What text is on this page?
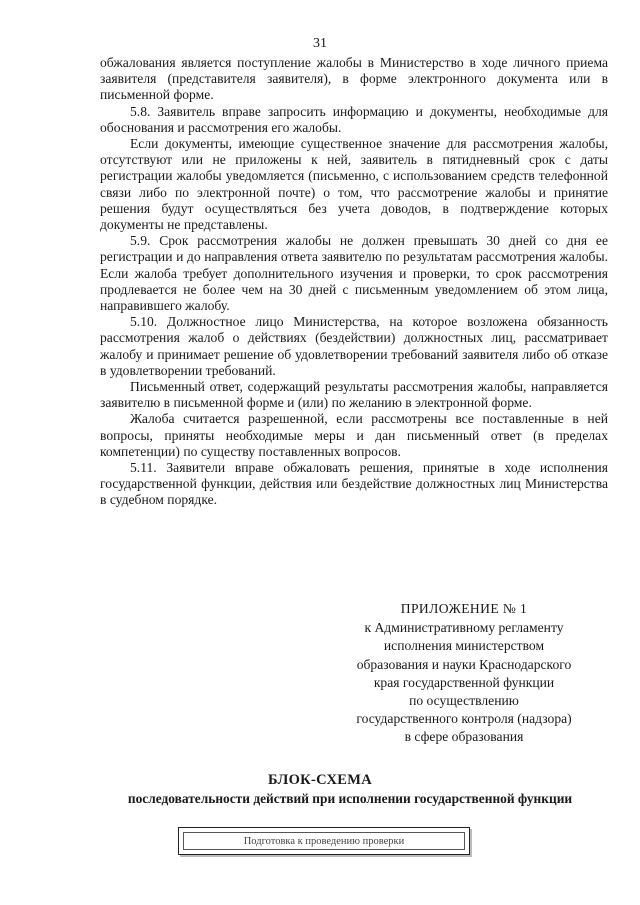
31

обжалования является поступление жалобы в Министерство в ходе личного приема заявителя (представителя заявителя), в форме электронного документа или в письменной форме.

5.8. Заявитель вправе запросить информацию и документы, необходимые для обоснования и рассмотрения его жалобы.

Если документы, имеющие существенное значение для рассмотрения жалобы, отсутствуют или не приложены к ней, заявитель в пятидневный срок с даты регистрации жалобы уведомляется (письменно, с использованием средств телефонной связи либо по электронной почте) о том, что рассмотрение жалобы и принятие решения будут осуществляться без учета доводов, в подтверждение которых документы не представлены.

5.9. Срок рассмотрения жалобы не должен превышать 30 дней со дня ее регистрации и до направления ответа заявителю по результатам рассмотрения жалобы. Если жалоба требует дополнительного изучения и проверки, то срок рассмотрения продлевается не более чем на 30 дней с письменным уведомлением об этом лица, направившего жалобу.

5.10. Должностное лицо Министерства, на которое возложена обязанность рассмотрения жалоб о действиях (бездействии) должностных лиц, рассматривает жалобу и принимает решение об удовлетворении требований заявителя либо об отказе в удовлетворении требований.

Письменный ответ, содержащий результаты рассмотрения жалобы, направляется заявителю в письменной форме и (или) по желанию в электронной форме.

Жалоба считается разрешенной, если рассмотрены все поставленные в ней вопросы, приняты необходимые меры и дан письменный ответ (в пределах компетенции) по существу поставленных вопросов.

5.11. Заявители вправе обжаловать решения, принятые в ходе исполнения государственной функции, действия или бездействие должностных лиц Министерства в судебном порядке.

ПРИЛОЖЕНИЕ № 1
к Административному регламенту
исполнения министерством
образования и науки Краснодарского
края государственной функции
по осуществлению
государственного контроля (надзора)
в сфере образования
БЛОК-СХЕМА
последовательности действий при исполнении государственной функции
Подготовка к проведению проверки
